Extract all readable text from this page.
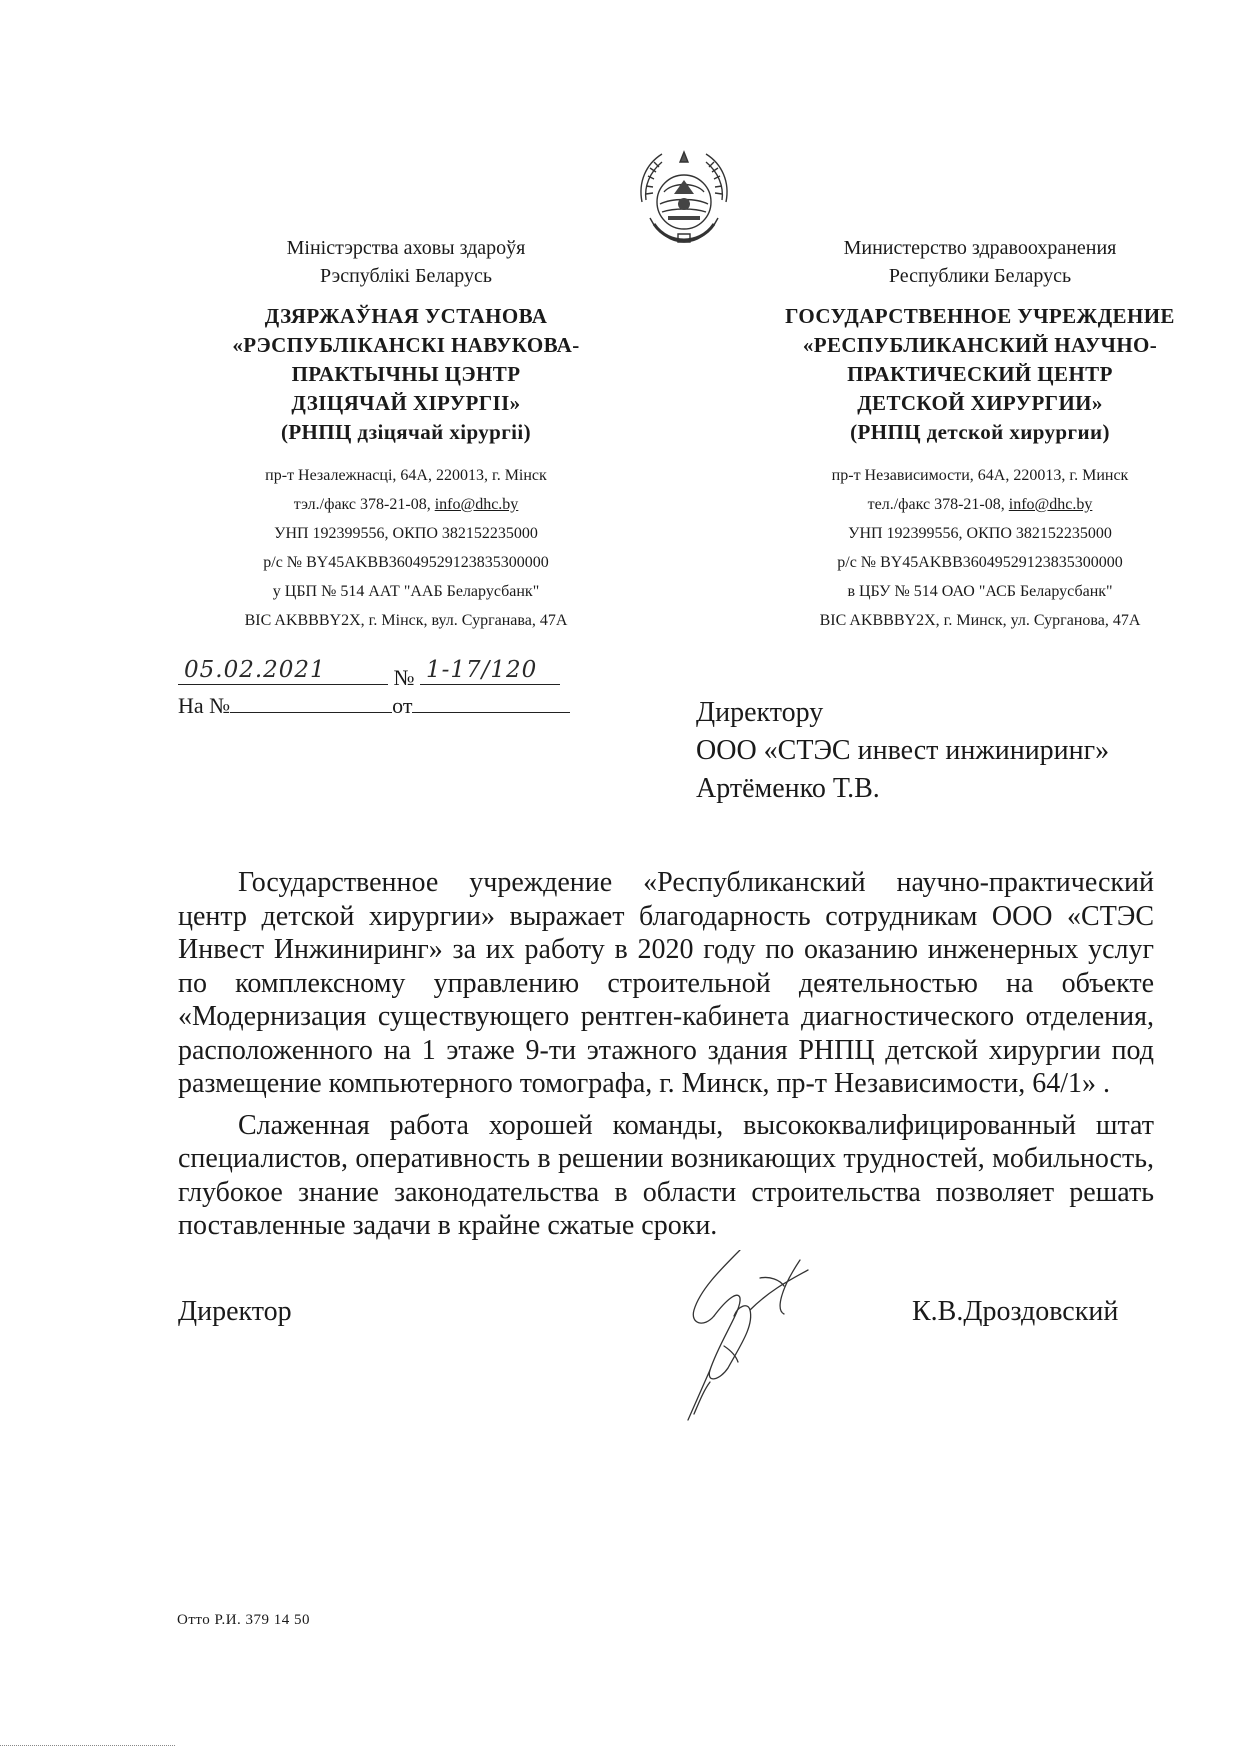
Міністэрства аховы здароўя
Рэспублікі Беларусь
ДЗЯРЖАЎНАЯ УСТАНОВА
«РЭСПУБЛІКАНСКІ НАВУКОВА-
ПРАКТЫЧНЫ ЦЭНТР
ДЗІЦЯЧАЙ ХІРУРГІІ»
(РНПЦ дзіцячай хірургіі)
пр-т Незалежнасці, 64А, 220013, г. Мінск
тэл./факс 378-21-08, info@dhc.by
УНП 192399556, ОКПО 382152235000
р/с № BY45AKBB36049529123835300000
у ЦБП № 514 ААТ "ААБ Беларусбанк"
BIC AKBBBY2X, г. Мінск, вул. Сурганава, 47А
Министерство здравоохранения
Республики Беларусь
ГОСУДАРСТВЕННОЕ УЧРЕЖДЕНИЕ
«РЕСПУБЛИКАНСКИЙ НАУЧНО-
ПРАКТИЧЕСКИЙ ЦЕНТР
ДЕТСКОЙ ХИРУРГИИ»
(РНПЦ детской хирургии)
пр-т Независимости, 64А, 220013, г. Минск
тел./факс 378-21-08, info@dhc.by
УНП 192399556, ОКПО 382152235000
р/с № BY45AKBB36049529123835300000
в ЦБУ № 514 ОАО "АСБ Беларусбанк"
BIC AKBBBY2X, г. Минск, ул. Сурганова, 47А
05.02.2021	№ 1-17/120
На №	от	Директору
ООО «СТЭС инвест инжиниринг»
Артёменко Т.В.

Государственное учреждение «Республиканский научно-практический центр детской хирургии» выражает благодарность сотрудникам ООО «СТЭС Инвест Инжиниринг» за их работу в 2020 году по оказанию инженерных услуг по комплексному управлению строительной деятельностью на объекте «Модернизация существующего рентген-кабинета диагностического отделения, расположенного на 1 этаже 9-ти этажного здания РНПЦ детской хирургии под размещение компьютерного томографа, г. Минск, пр-т Независимости, 64/1» .

Слаженная работа хорошей команды, высококвалифицированный штат специалистов, оперативность в решении возникающих трудностей, мобильность, глубокое знание законодательства в области строительства позволяет решать поставленные задачи в крайне сжатые сроки.

Директор	К.В.Дроздовский
Отто Р.И. 379 14 50
